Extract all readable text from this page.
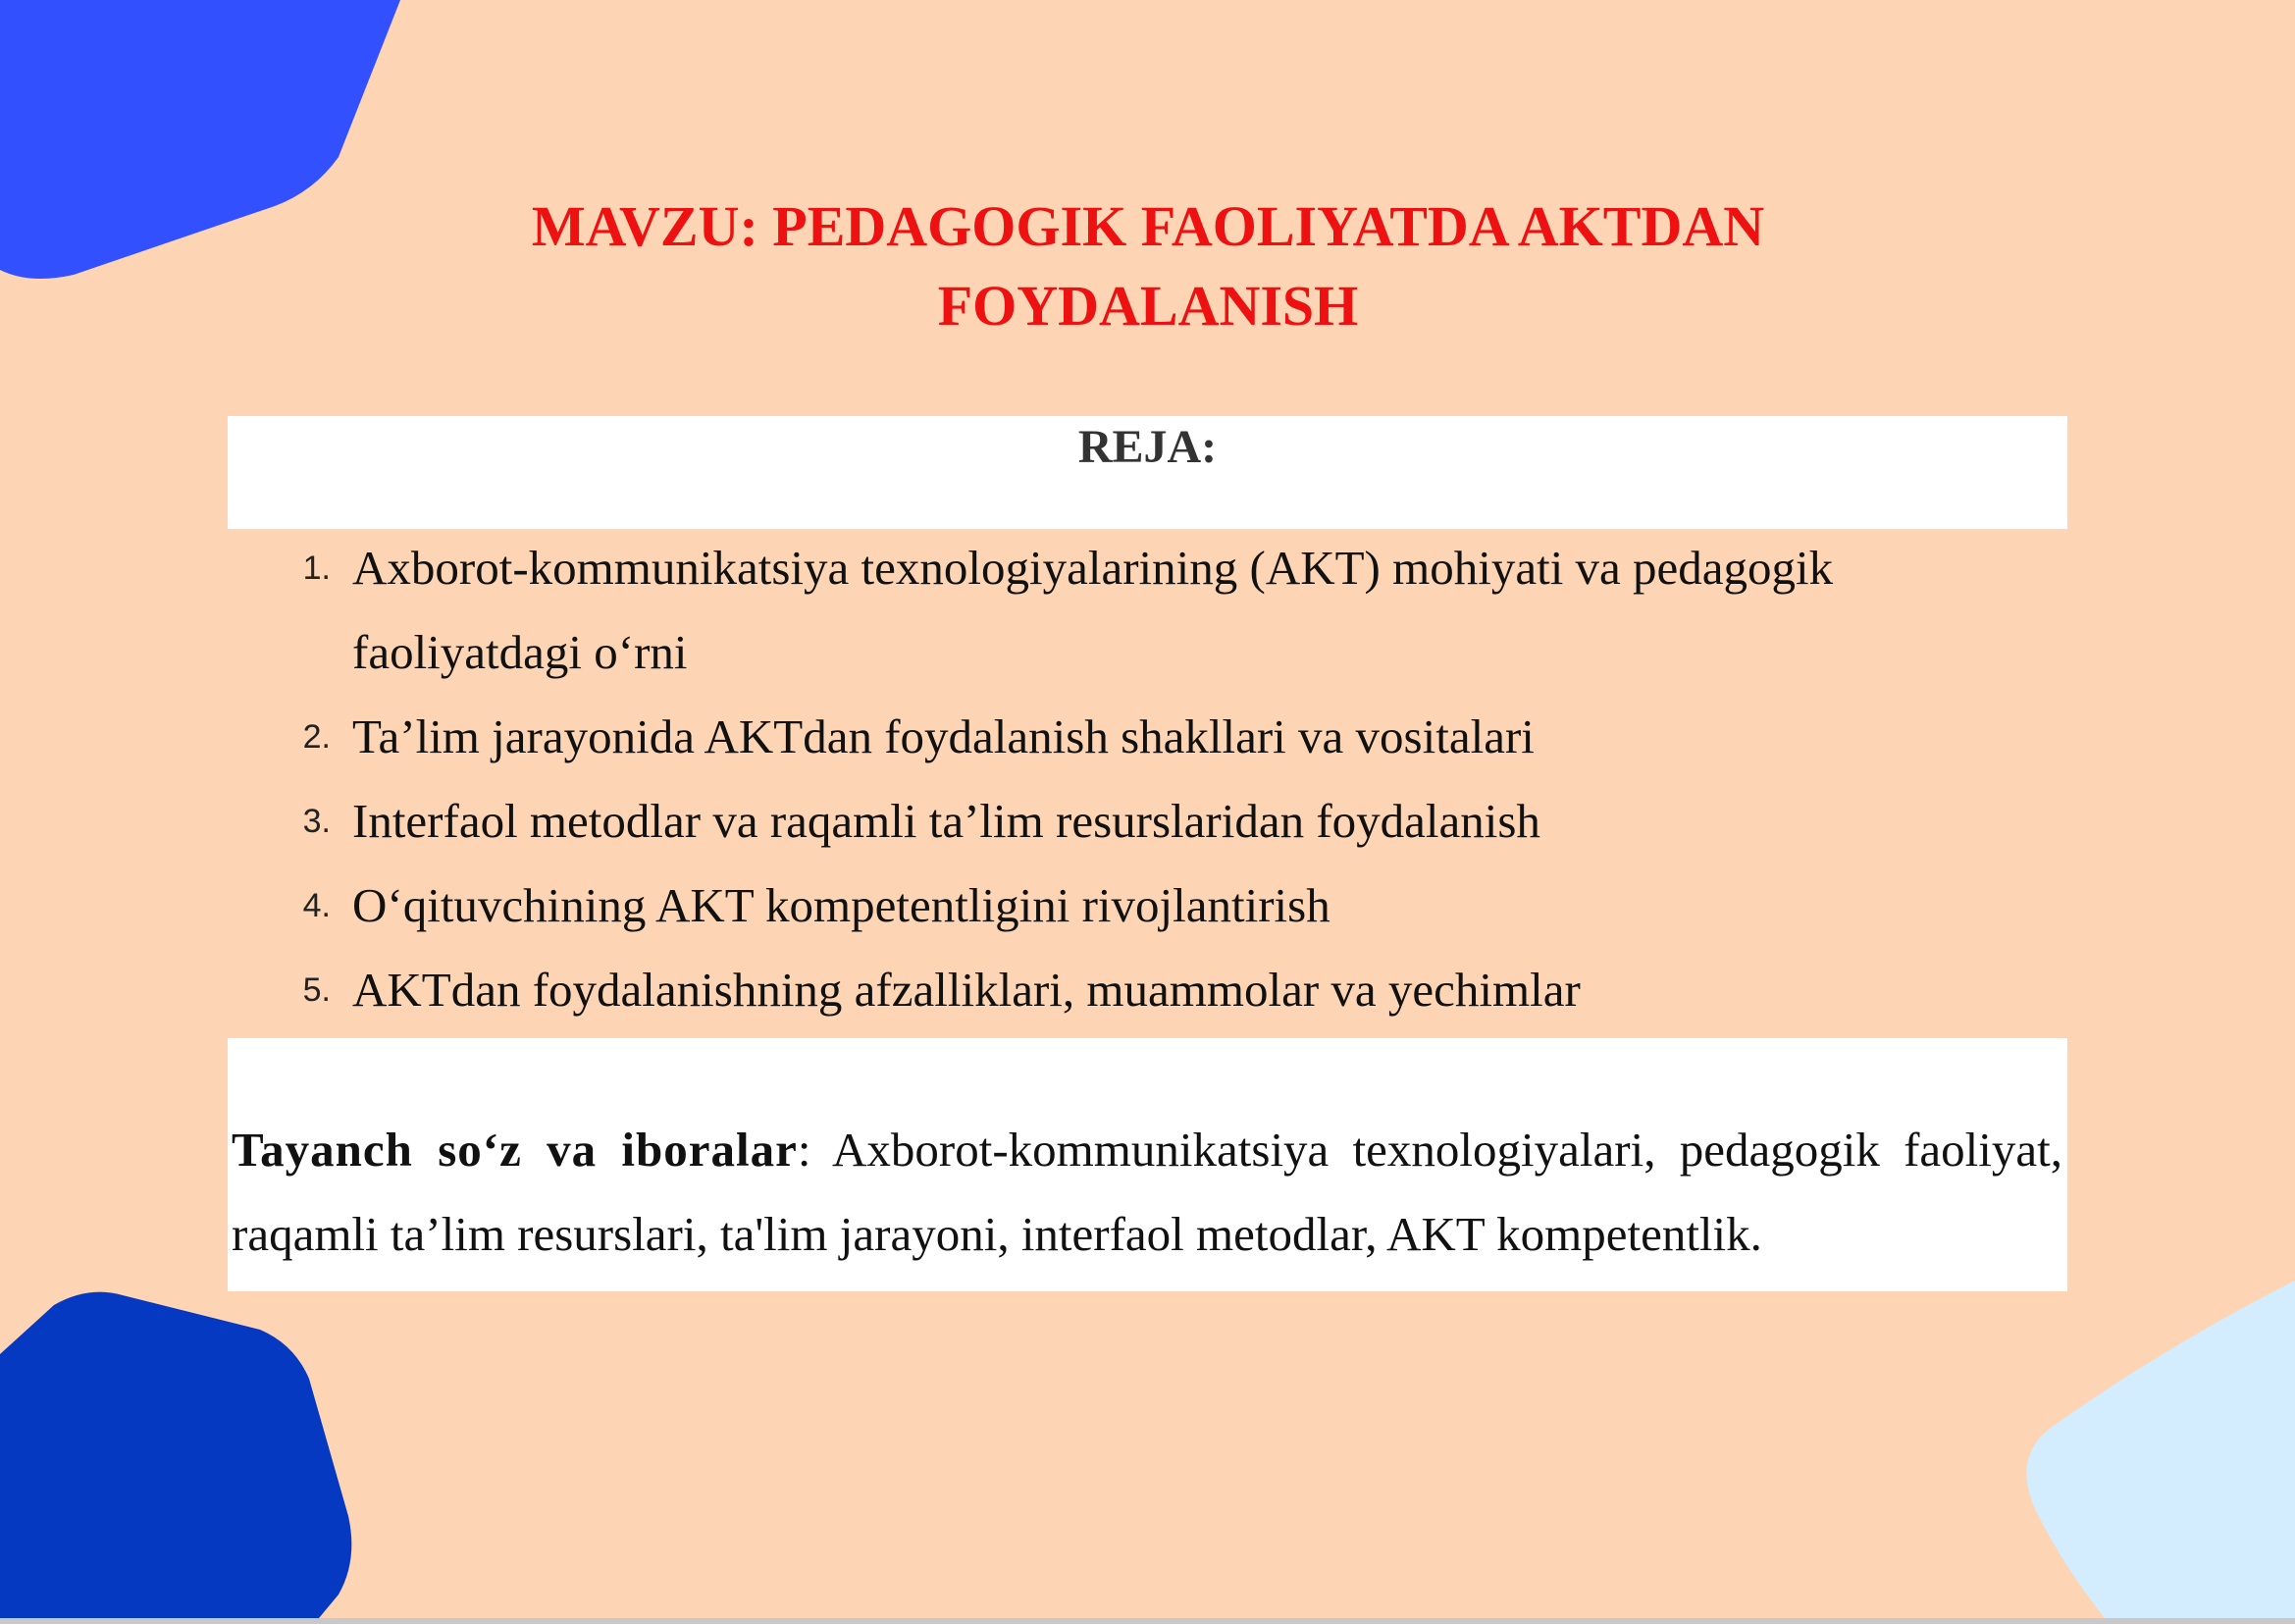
MAVZU: PEDAGOGIK FAOLIYATDA AKTDAN
FOYDALANISH
REJA:
1. Axborot-kommunikatsiya texnologiyalarining (AKT) mohiyati va pedagogik faoliyatdagi o‘rni
2. Ta’lim jarayonida AKTdan foydalanish shakllari va vositalari
3. Interfaol metodlar va raqamli ta’lim resurslaridan foydalanish
4. O‘qituvchining AKT kompetentligini rivojlantirish
5. AKTdan foydalanishning afzalliklari, muammolar va yechimlar

Tayanch so‘z va iboralar: Axborot-kommunikatsiya texnologiyalari, pedagogik faoliyat, raqamli ta’lim resurslari, ta'lim jarayoni, interfaol metodlar, AKT kompetentlik.
